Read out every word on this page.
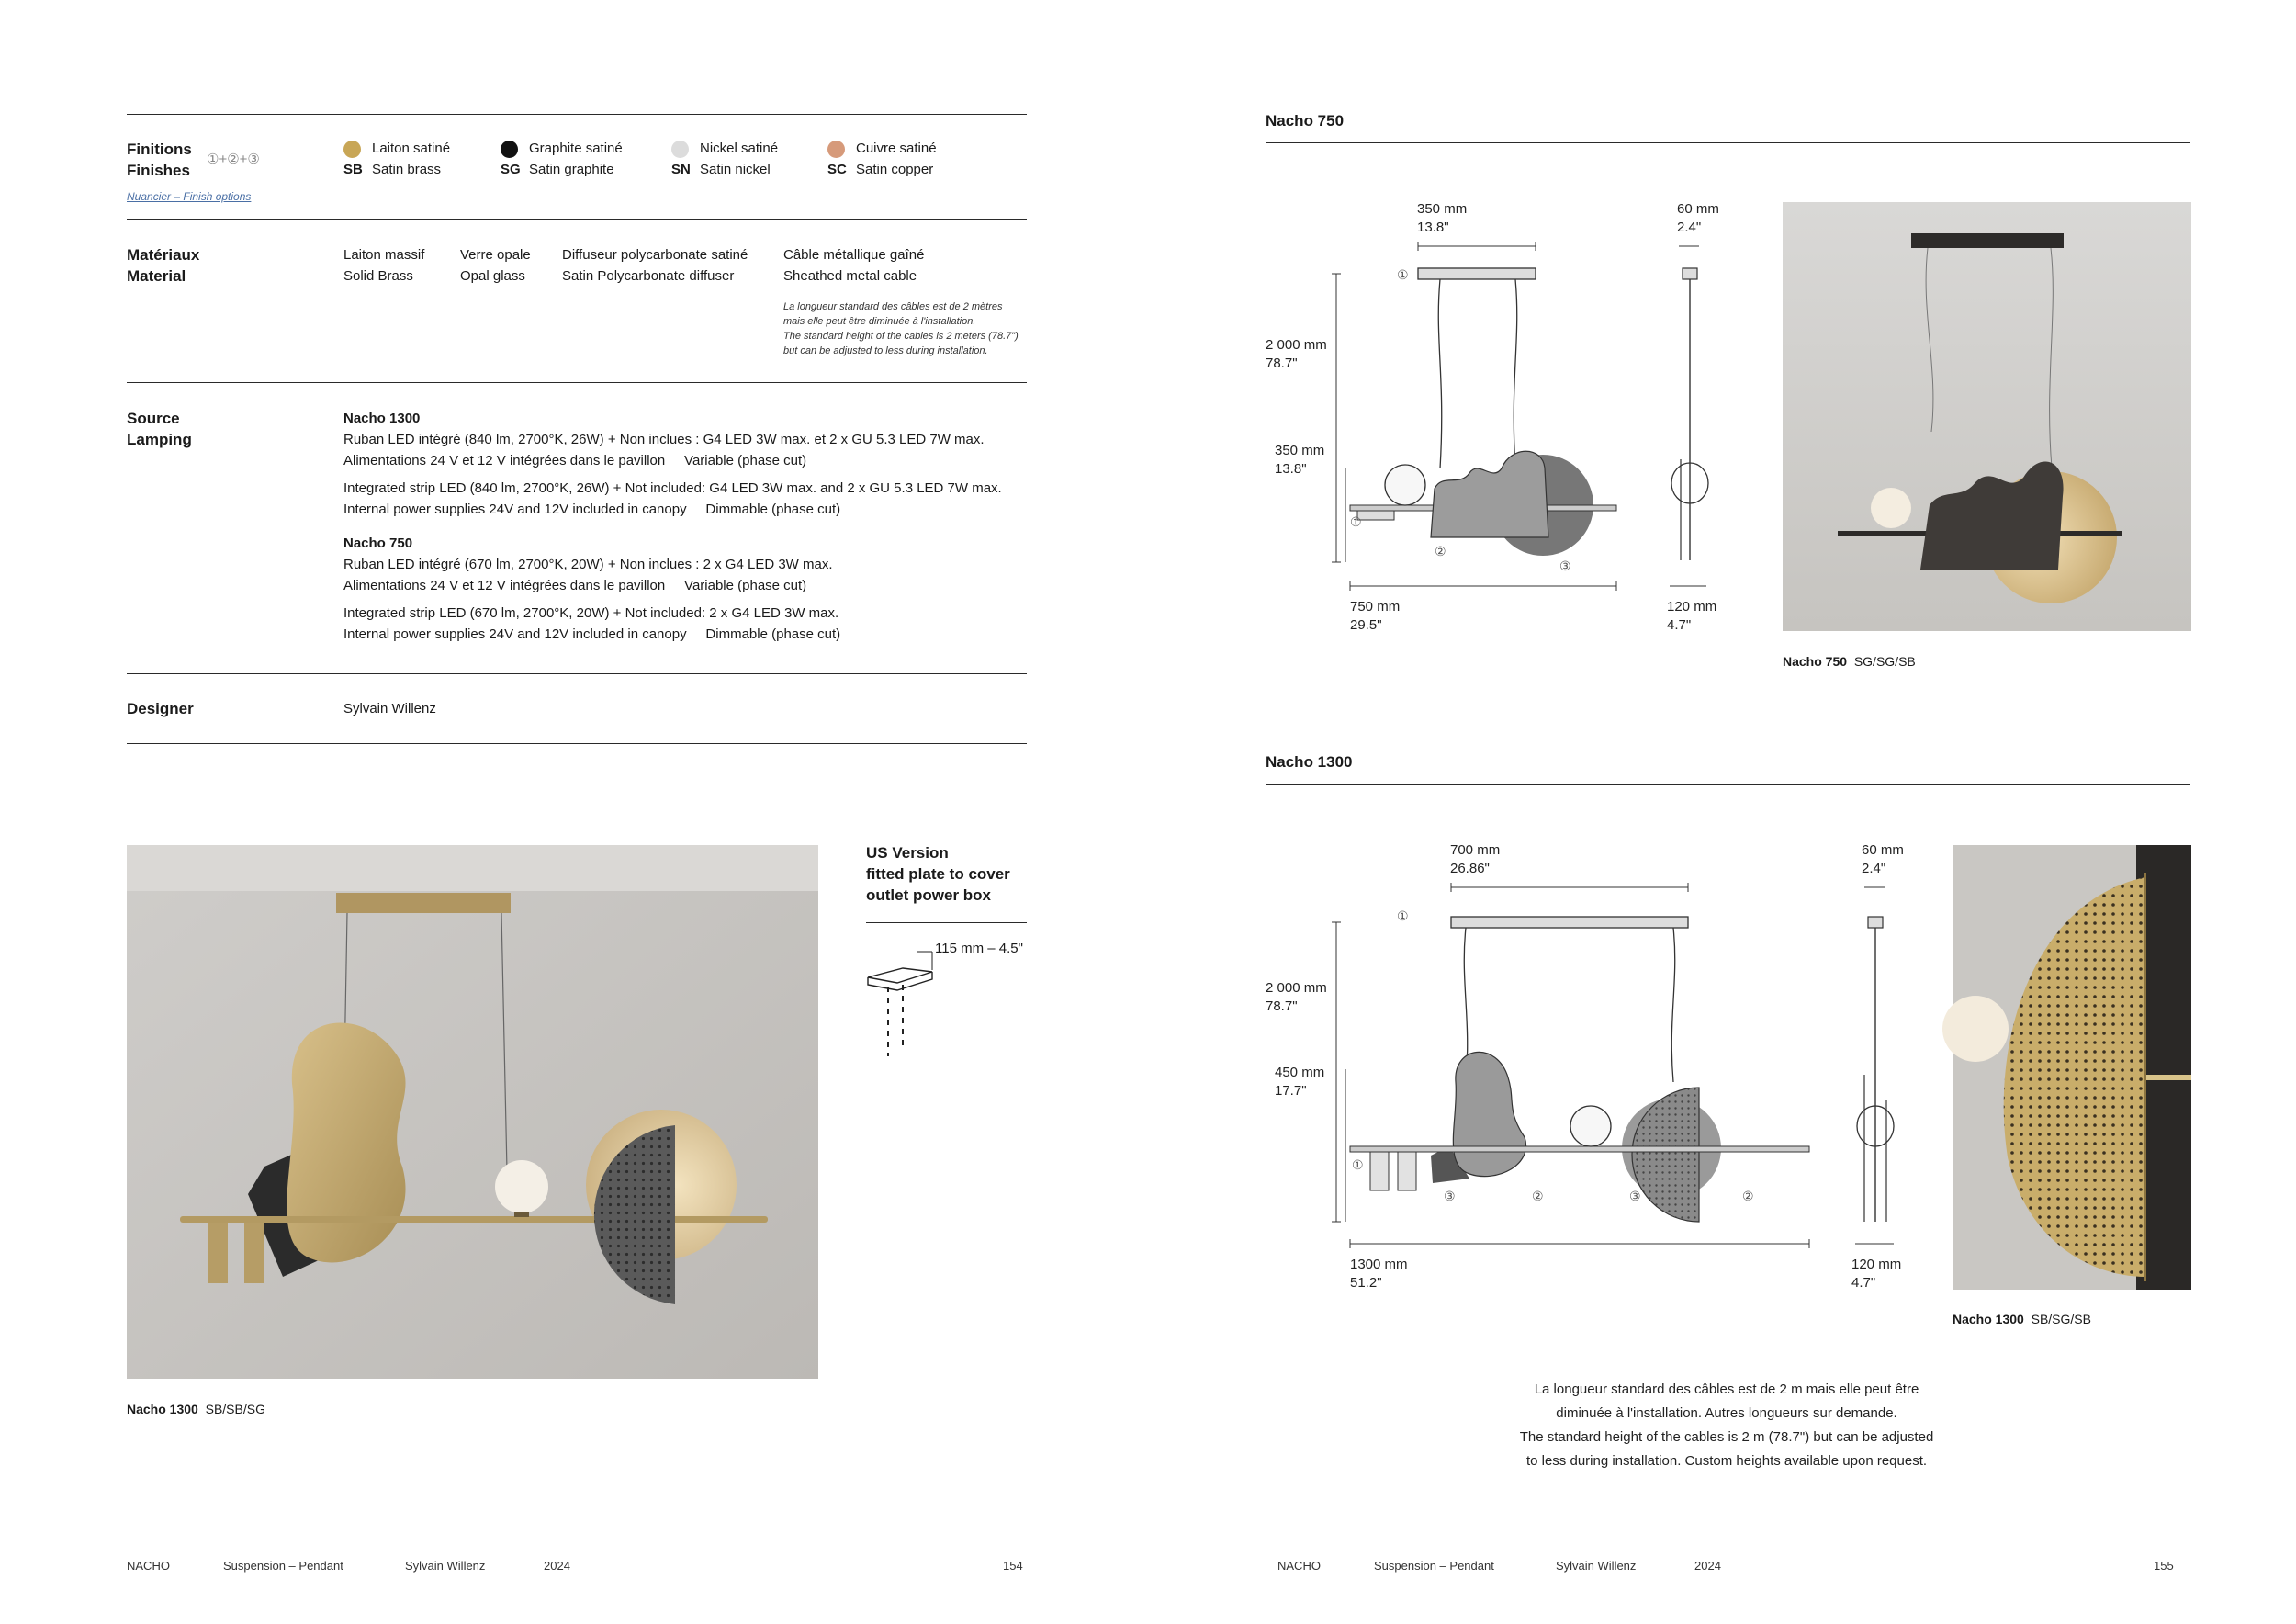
Finitions
Finishes
①+②+③
Nuancier – Finish options
Laiton satiné
SB Satin brass
Graphite satiné
SG Satin graphite
Nickel satiné
SN Satin nickel
Cuivre satiné
SC Satin copper
Matériaux
Material
Laiton massif
Solid Brass
Verre opale
Opal glass
Diffuseur polycarbonate satiné
Satin Polycarbonate diffuser
Câble métallique gaîné
Sheathed metal cable
La longueur standard des câbles est de 2 mètres
mais elle peut être diminuée à l'installation.
The standard height of the cables is 2 meters (78.7")
but can be adjusted to less during installation.
Source
Lamping
Nacho 1300
Ruban LED intégré (840 lm, 2700°K, 26W) + Non inclues : G4 LED 3W max. et 2 x GU 5.3 LED 7W max.
Alimentations 24 V et 12 V intégrées dans le pavillon     Variable (phase cut)
Integrated strip LED (840 lm, 2700°K, 26W) + Not included: G4 LED 3W max. and 2 x GU 5.3 LED 7W max.
Internal power supplies 24V and 12V included in canopy     Dimmable (phase cut)
Nacho 750
Ruban LED intégré (670 lm, 2700°K, 20W) + Non inclues : 2 x G4 LED 3W max.
Alimentations 24 V et 12 V intégrées dans le pavillon     Variable (phase cut)
Integrated strip LED (670 lm, 2700°K, 20W) + Not included: 2 x G4 LED 3W max.
Internal power supplies 24V and 12V included in canopy     Dimmable (phase cut)
Designer	Sylvain Willenz
Nacho 1300 SB/SB/SG
US Version
fitted plate to cover
outlet power box
115 mm – 4.5"
NACHO	Suspension – Pendant	Sylvain Willenz	2024	154
Nacho 750
350 mm
13.8"
60 mm
2.4"
2 000 mm
78.7"
350 mm
13.8"
750 mm
29.5"
120 mm
4.7"
①
①
②
③
Nacho 750 SG/SG/SB
Nacho 1300
700 mm
26.86"
60 mm
2.4"
2 000 mm
78.7"
450 mm
17.7"
1300 mm
51.2"
120 mm
4.7"
①
①
③	②	③	②
Nacho 1300 SB/SG/SB
La longueur standard des câbles est de 2 m mais elle peut être
diminuée à l'installation. Autres longueurs sur demande.
The standard height of the cables is 2 m (78.7") but can be adjusted
to less during installation. Custom heights available upon request.
NACHO	Suspension – Pendant	Sylvain Willenz	2024	155
